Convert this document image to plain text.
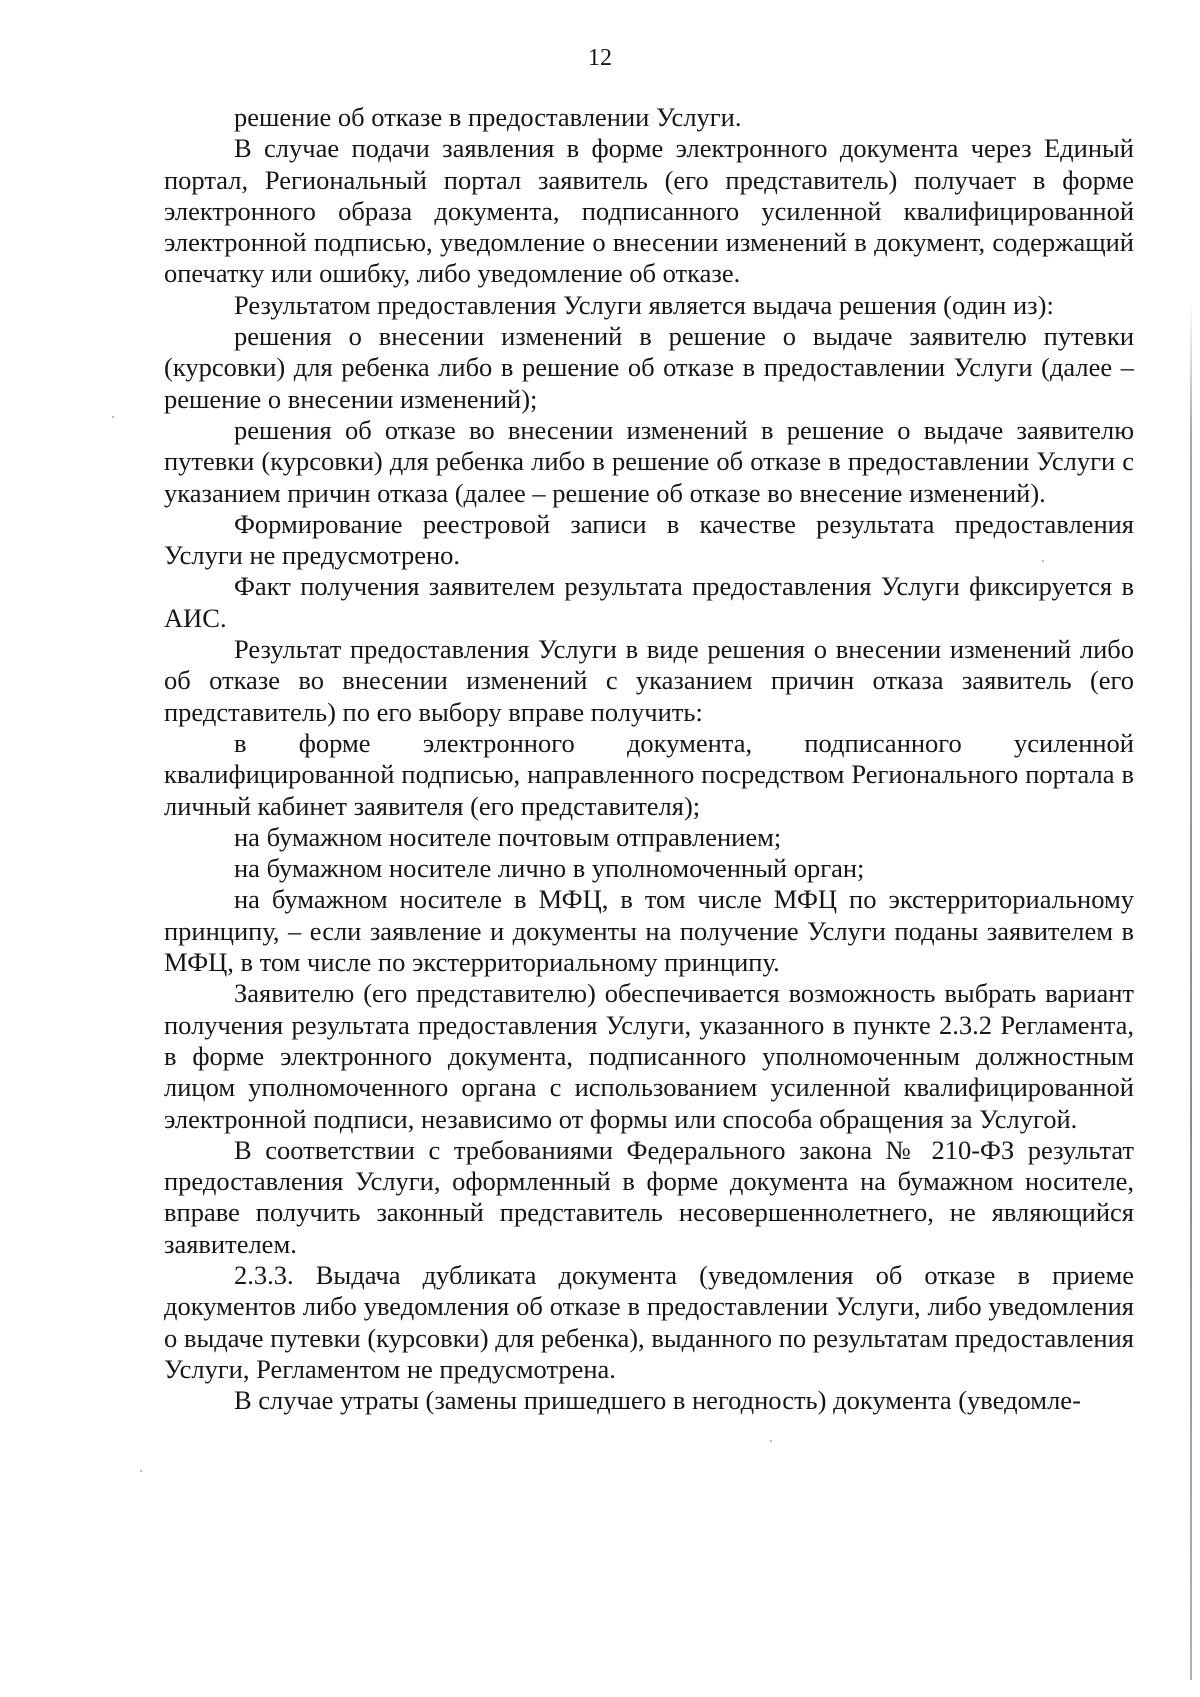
12

решение об отказе в предоставлении Услуги.

В случае подачи заявления в форме электронного документа через Единый портал, Региональный портал заявитель (его представитель) получает в форме электронного образа документа, подписанного усиленной квалифицированной электронной подписью, уведомление о внесении изменений в документ, содержащий опечатку или ошибку, либо уведомление об отказе.

Результатом предоставления Услуги является выдача решения (один из):

решения о внесении изменений в решение о выдаче заявителю путевки (курсовки) для ребенка либо в решение об отказе в предоставлении Услуги (далее – решение о внесении изменений);

решения об отказе во внесении изменений в решение о выдаче заявителю путевки (курсовки) для ребенка либо в решение об отказе в предоставлении Услуги с указанием причин отказа (далее – решение об отказе во внесение изменений).

Формирование реестровой записи в качестве результата предоставления Услуги не предусмотрено.

Факт получения заявителем результата предоставления Услуги фиксируется в АИС.

Результат предоставления Услуги в виде решения о внесении изменений либо об отказе во внесении изменений с указанием причин отказа заявитель (его представитель) по его выбору вправе получить:

в форме электронного документа, подписанного усиленной квалифицированной подписью, направленного посредством Регионального портала в личный кабинет заявителя (его представителя);

на бумажном носителе почтовым отправлением;

на бумажном носителе лично в уполномоченный орган;

на бумажном носителе в МФЦ, в том числе МФЦ по экстерриториальному принципу, – если заявление и документы на получение Услуги поданы заявителем в МФЦ, в том числе по экстерриториальному принципу.

Заявителю (его представителю) обеспечивается возможность выбрать вариант получения результата предоставления Услуги, указанного в пункте 2.3.2 Регламента, в форме электронного документа, подписанного уполномоченным должностным лицом уполномоченного органа с использованием усиленной квалифицированной электронной подписи, независимо от формы или способа обращения за Услугой.

В соответствии с требованиями Федерального закона № 210-ФЗ результат предоставления Услуги, оформленный в форме документа на бумажном носителе, вправе получить законный представитель несовершеннолетнего, не являющийся заявителем.

2.3.3. Выдача дубликата документа (уведомления об отказе в приеме документов либо уведомления об отказе в предоставлении Услуги, либо уведомления о выдаче путевки (курсовки) для ребенка), выданного по результатам предоставления Услуги, Регламентом не предусмотрена.

В случае утраты (замены пришедшего в негодность) документа (уведомле-
